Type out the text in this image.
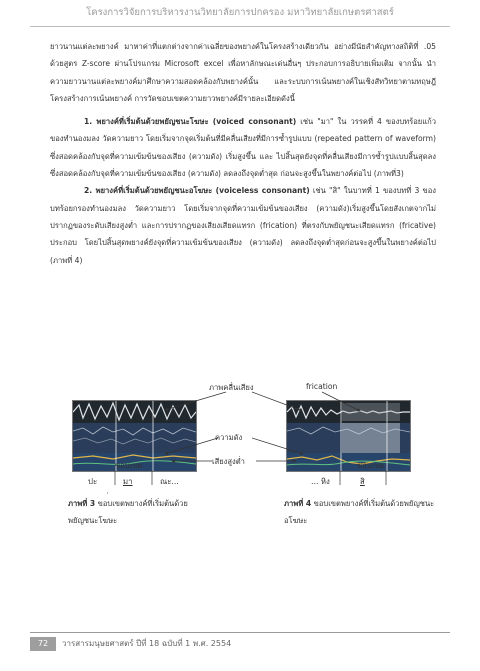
โครงการวิจัยการบริหารงานวิทยาลัยการปกครอง มหาวิทยาลัยเกษตรศาสตร์

ยาวนานแต่ละพยางค์ มาหาค่าที่แตกต่างจากค่าเฉลี่ยของพยางค์ในโครงสร้างเดียวกัน อย่างมีนัยสำคัญทางสถิติที่ .05 ด้วยสูตร Z-score ผ่านโปรแกรม Microsoft excel เพื่อหาลักษณะเด่นอื่นๆ ประกอบการอธิบายเพิ่มเติม จากนั้น นำความยาวนานแต่ละพยางค์มาศึกษาความสอดคล้องกับพยางค์นั้น และระบบการเน้นพยางค์ในเชิงสัทวิทยาตามทฤษฎีโครงสร้างการเน้นพยางค์ การวัดขอบเขตความยาวพยางค์มีรายละเอียดดังนี้

1. พยางค์ที่เริ่มต้นด้วยพยัญชนะโฆษะ (voiced consonant) เช่น "มา" ใน วรรคที่ 4 ของบทร้อยแก้ว ของทำนองมลง วัดความยาว โดยเริ่มจากจุดเริ่มต้นที่มีคลื่นเสียงที่มีการซ้ำรูปแบบ (repeated pattern of waveform) ซึ่งสอดคล้องกับจุดที่ความเข้มข้นของเสียง (ความดัง) เริ่มสูงขึ้น และ ไปสิ้นสุดยังจุดที่คลื่นเสียงมีการซ้ำรูปแบบสิ้นสุดลง ซึ่งสอดคล้องกับจุดที่ความเข้มข้นของเสียง (ความดัง) ลดลงถึงจุดต่ำสุด ก่อนจะสูงขึ้นในพยางค์ต่อไป (ภาพที่3)

2. พยางค์ที่เริ่มต้นด้วยพยัญชนะอโฆษะ (voiceless consonant) เช่น "สิ" ในบาทที่ 1 ของบทที่ 3 ของบทร้อยกรองทำนองมลง วัดความยาว โดยเริ่มจากจุดที่ความเข้มข้นของเสียง (ความดัง)เริ่มสูงขึ้นโดยสังเกตจากไม่ปรากฏของระดับเสียงสูงต่ำ และการปรากฏของเสียงเสียดแทรก (frication) ที่ตรงกับพยัญชนะเสียดแทรก (fricative) ประกอบ โดยไปสิ้นสุดพยางค์ยังจุดที่ความเข้มข้นของเสียง (ความดัง) ลดลงถึงจุดต่ำสุดก่อนจะสูงขึ้นในพยางค์ต่อไป (ภาพที่ 4)

ภาพคลื่นเสียง	frication
ความดัง
เสียงสูงต่ำ
ขอบเขต	ขอบเขต
ปะ	มา	ณะ...	... หิง	สิ
ภาพที่ 3 ขอบเขตพยางค์ที่เริ่มต้นด้วยพยัญชนะโฆษะ
ภาพที่ 4 ขอบเขตพยางค์ที่เริ่มต้นด้วยพยัญชนะอโฆษะ
72	วารสารมนุษยศาสตร์ ปีที่ 18 ฉบับที่ 1 พ.ศ. 2554
